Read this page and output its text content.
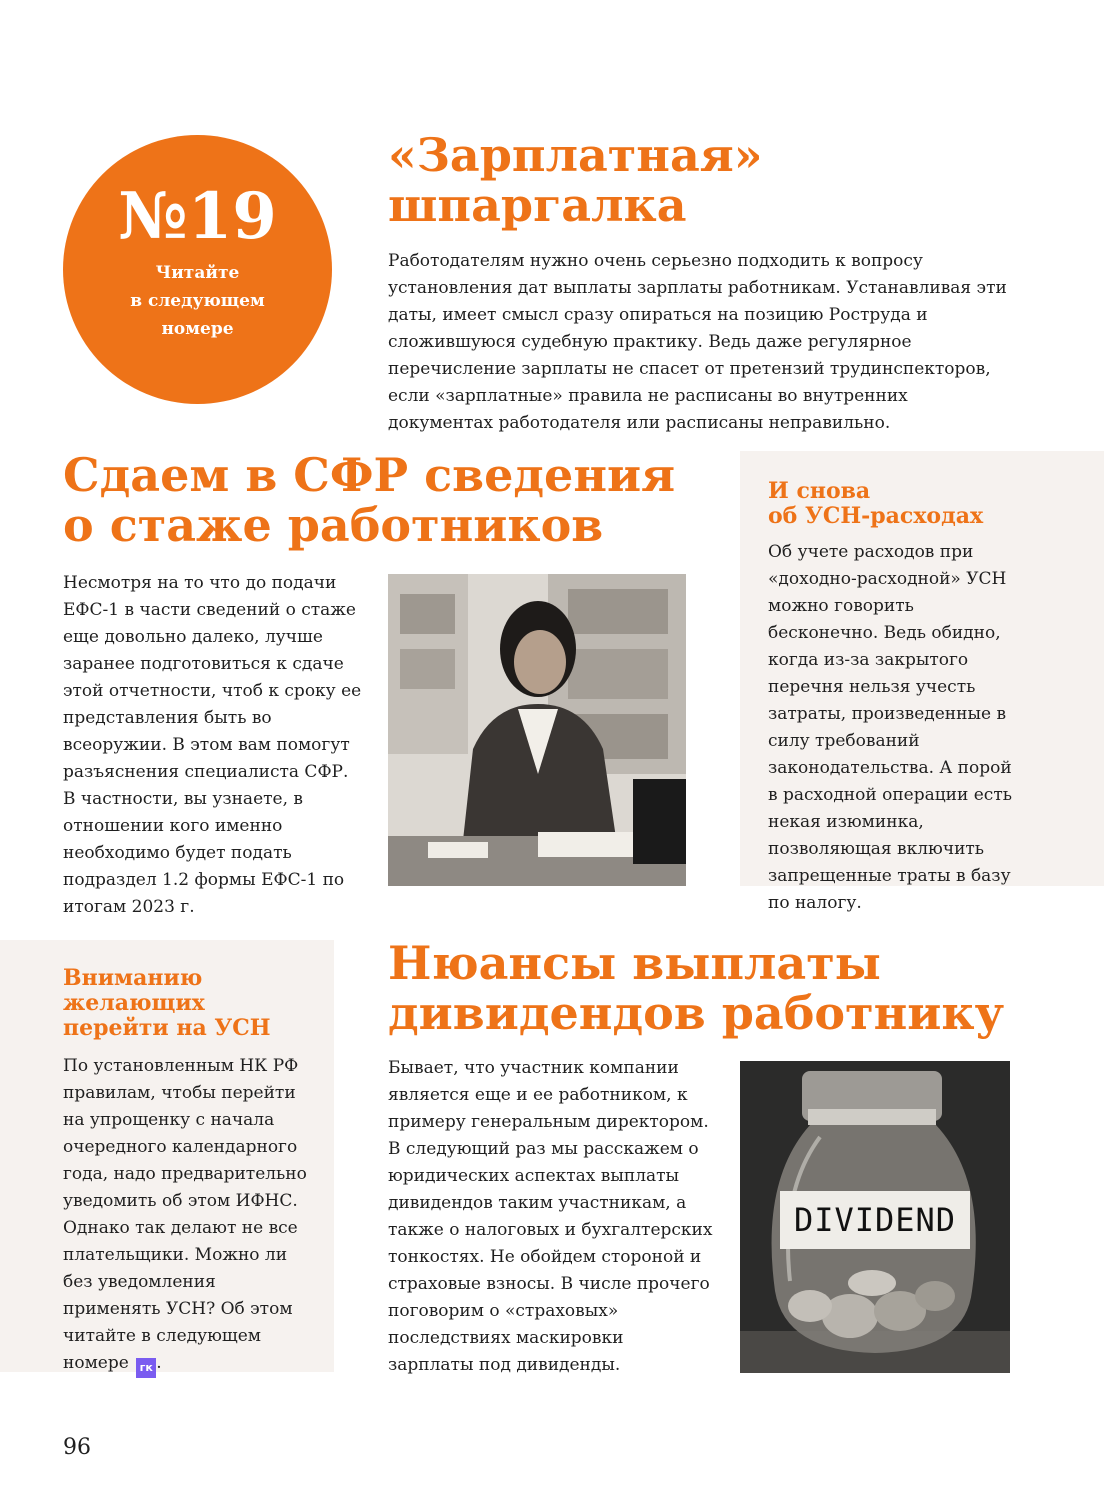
№19
Читайте
в следующем
номере
«Зарплатная»
шпаргалка

Работодателям нужно очень серьезно подходить к вопросу установления дат выплаты зарплаты работникам. Устанавливая эти даты, имеет смысл сразу опираться на позицию Роструда и сложившуюся судебную практику. Ведь даже регулярное перечисление зарплаты не спасет от претензий трудинспекторов, если «зарплатные» правила не расписаны во внутренних документах работодателя или расписаны неправильно.

Сдаем в СФР сведения
о стаже работников

Несмотря на то что до подачи ЕФС-1 в части сведений о стаже еще довольно далеко, лучше заранее подготовиться к сдаче этой отчетности, чтоб к сроку ее представления быть во всеоружии. В этом вам помогут разъяснения специалиста СФР. В частности, вы узнаете, в отношении кого именно необходимо будет подать подраздел 1.2 формы ЕФС-1 по итогам 2023 г.

И снова
об УСН-расходах

Об учете расходов при «доходно-расходной» УСН можно говорить бесконечно. Ведь обидно, когда из-за закрытого перечня нельзя учесть затраты, произведенные в силу требований законодательства. А порой в расходной операции есть некая изюминка, позволяющая включить запрещенные траты в базу по налогу.

Вниманию
желающих
перейти на УСН

По установленным НК РФ правилам, чтобы перейти на упрощенку с начала очередного календарного года, надо предварительно уведомить об этом ИФНС. Однако так делают не все плательщики. Можно ли без уведомления применять УСН? Об этом читайте в следующем номере гк .

Нюансы выплаты
дивидендов работнику

Бывает, что участник компании является еще и ее работником, к примеру генеральным директором. В следующий раз мы расскажем о юридических аспектах выплаты дивидендов таким участникам, а также о налоговых и бухгалтерских тонкостях. Не обойдем стороной и страховые взносы. В числе прочего поговорим о «страховых» последствиях маскировки зарплаты под дивиденды.

DIVIDEND
96
